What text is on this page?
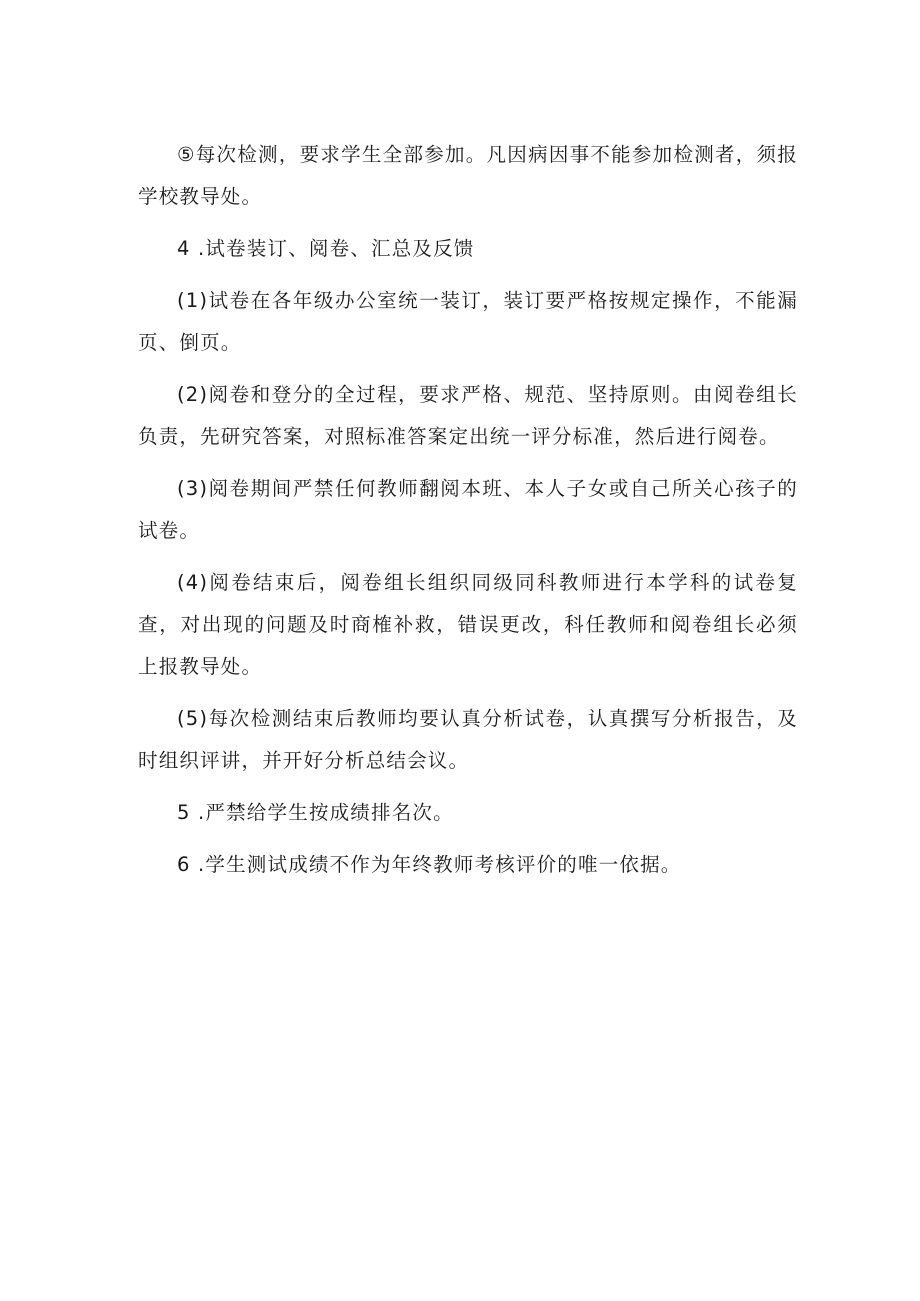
⑤每次检测，要求学生全部参加。凡因病因事不能参加检测者，须报学校教导处。

4 .试卷装订、阅卷、汇总及反馈

(1)试卷在各年级办公室统一装订，装订要严格按规定操作，不能漏页、倒页。

(2)阅卷和登分的全过程，要求严格、规范、坚持原则。由阅卷组长负责，先研究答案，对照标准答案定出统一评分标准，然后进行阅卷。

(3)阅卷期间严禁任何教师翻阅本班、本人子女或自己所关心孩子的试卷。

(4)阅卷结束后，阅卷组长组织同级同科教师进行本学科的试卷复查，对出现的问题及时商榷补救，错误更改，科任教师和阅卷组长必须上报教导处。

(5)每次检测结束后教师均要认真分析试卷，认真撰写分析报告，及时组织评讲，并开好分析总结会议。

5 .严禁给学生按成绩排名次。

6 .学生测试成绩不作为年终教师考核评价的唯一依据。
